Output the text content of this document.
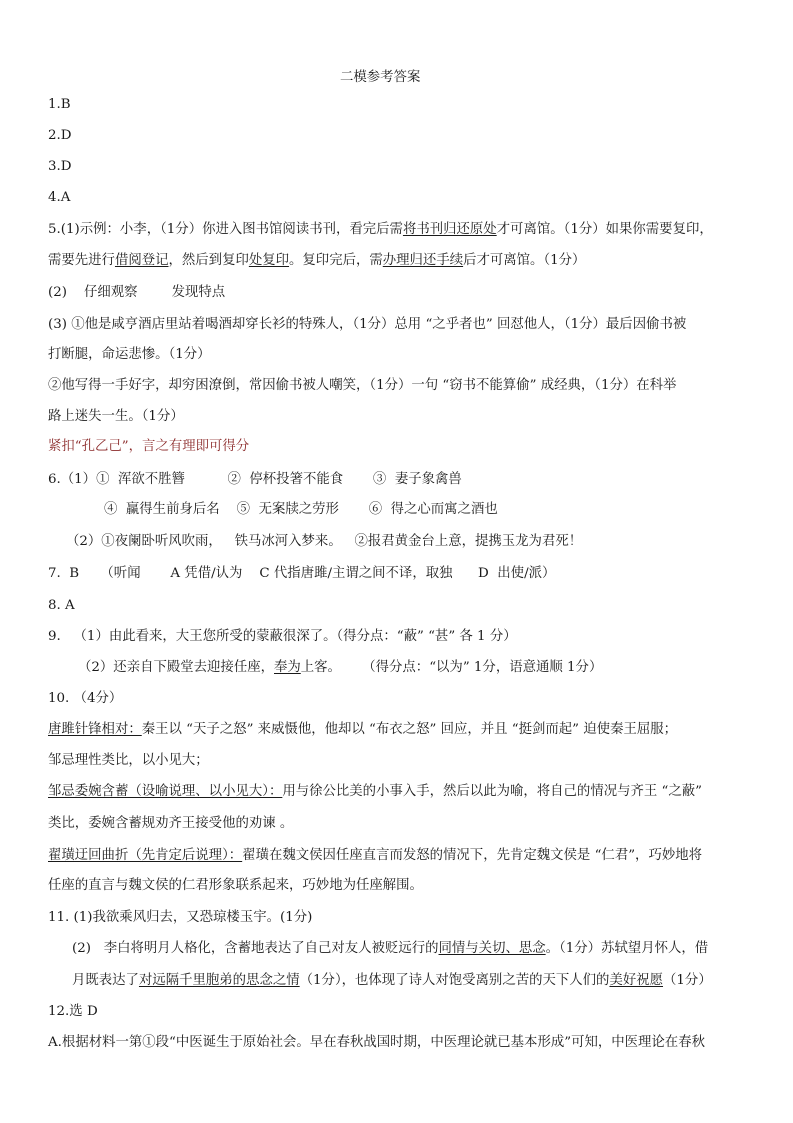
二模参考答案
1.B
2.D
3.D
4.A
5.(1)示例：小李，（1分）你进入图书馆阅读书刊，看完后需将书刊归还原处才可离馆。（1分）如果你需要复印，
需要先进行借阅登记，然后到复印处复印。复印完后，需办理归还手续后才可离馆。（1分）
(2)    仔细观察        发现特点
(3) ①他是咸亨酒店里站着喝酒却穿长衫的特殊人，（1分）总用 “之乎者也” 回怼他人，（1分）最后因偷书被
打断腿，命运悲惨。（1分）
②他写得一手好字，却穷困潦倒，常因偷书被人嘲笑，（1分）一句 “窃书不能算偷” 成经典，（1分）在科举
路上迷失一生。（1分）
紧扣“孔乙己”，言之有理即可得分
6.（1）①  浑欲不胜簪          ②  停杯投箸不能食       ③  妻子象禽兽
④  赢得生前身后名    ⑤  无案牍之劳形       ⑥  得之心而寓之酒也
（2）①夜阑卧听风吹雨，   铁马冰河入梦来。   ②报君黄金台上意，提携玉龙为君死！
7.  B     （听闻       A 凭借/认为    C 代指唐雎/主谓之间不译，取独      D  出使/派）
8. A
9.   （1）由此看来，大王您所受的蒙蔽很深了。（得分点：“蔽” “甚” 各 1 分）
（2）还亲自下殿堂去迎接任座，奉为上客。     （得分点：“以为” 1分，语意通顺 1分）
10. （4分）
唐雎针锋相对：秦王以 “天子之怒” 来威慑他，他却以 “布衣之怒” 回应，并且 “挺剑而起” 迫使秦王屈服；
邹忌理性类比，以小见大；
邹忌委婉含蓄（设喻说理、以小见大）：用与徐公比美的小事入手，然后以此为喻，将自己的情况与齐王 “之蔽”
类比，委婉含蓄规劝齐王接受他的劝谏 。
翟璜迂回曲折（先肯定后说理）：翟璜在魏文侯因任座直言而发怒的情况下，先肯定魏文侯是 “仁君”，巧妙地将
任座的直言与魏文侯的仁君形象联系起来，巧妙地为任座解围。
11. (1)我欲乘风归去，又恐琼楼玉宇。(1分)
(2)   李白将明月人格化，含蓄地表达了自己对友人被贬远行的同情与关切、思念。（1分）苏轼望月怀人，借
月既表达了对远隔千里胞弟的思念之情（1分），也体现了诗人对饱受离别之苦的天下人们的美好祝愿（1分）
12.选 D
A.根据材料一第①段“中医诞生于原始社会。早在春秋战国时期，中医理论就已基本形成”可知，中医理论在春秋
